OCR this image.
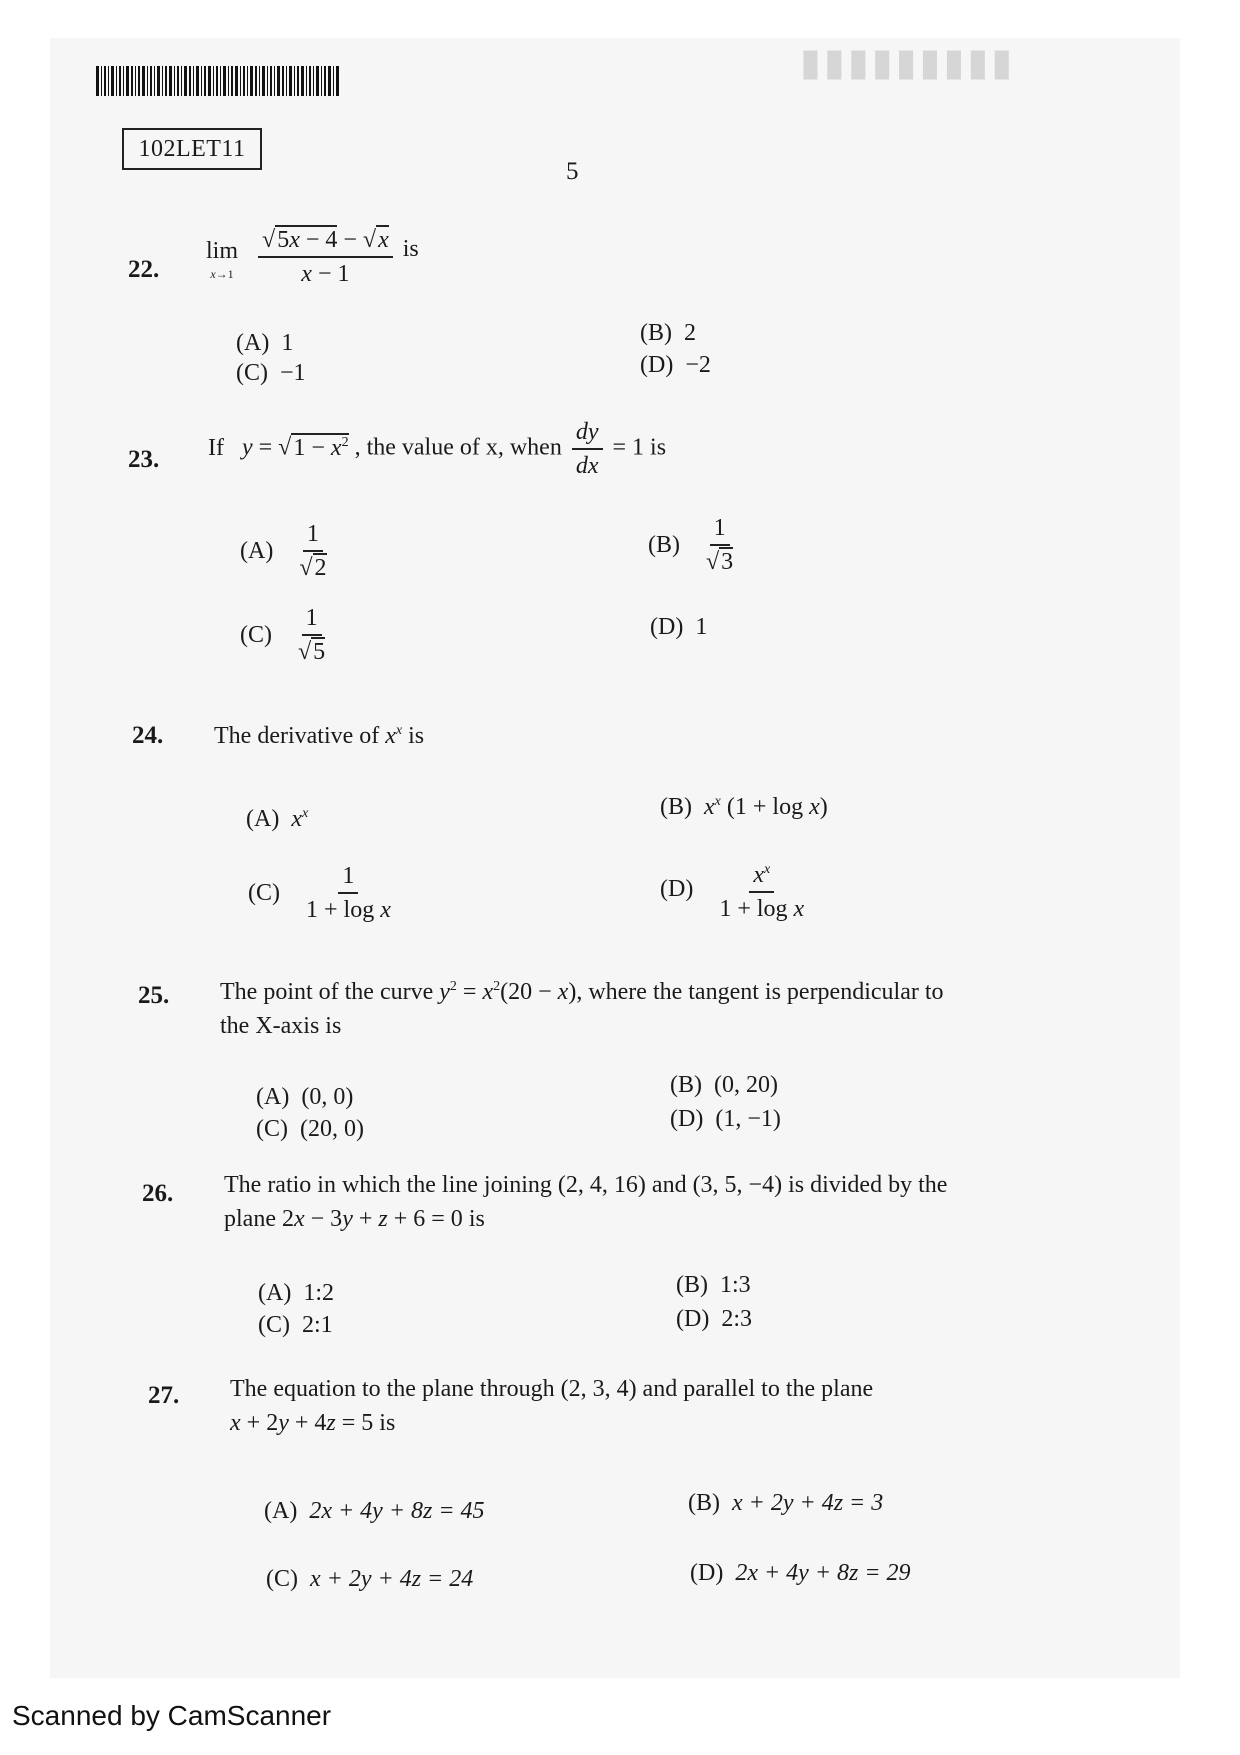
102LET11
5
▮▮▮▮▮▮▮▮▮
22.
lim
x→1
$\frac{√5x - 4 - √x}{x - 1}$ is
(A) 1	(B) 2
(C) −1	(D) −2
23. If $y = √1 - x^2$ , the value of x, when $\frac{dy}{dx} = 1$ is
$(A) \frac{1}{√2}$	$(B) \frac{1}{√3}$
$(C) \frac{1}{√5}$	(D) 1
24. The derivative of $x^x$ is
(A) $x^x$	(B) $x^x$ (1 + log x)
$(C) \frac{1}{\text{1 + log x}}$	$(D) \frac{x^x}{\text{1 + log x}}$
25. The point of the curve $y^2 = x^2(20 - x)$, where the tangent is perpendicular to
the X-axis is
(A) (0, 0)	(B) (0, 20)
(C) (20, 0)	(D) (1, −1)
26. The ratio in which the line joining (2, 4, 16) and (3, 5, −4) is divided by the
plane 2x − 3y + z + 6 = 0 is
(A) 1:2	(B) 1:3
(C) 2:1	(D) 2:3
27. The equation to the plane through (2, 3, 4) and parallel to the plane
x + 2y + 4z = 5 is
(A) 2x + 4y + 8z = 45	(B) x + 2y + 4z = 3
(C) x + 2y + 4z = 24	(D) 2x + 4y + 8z = 29
Scanned by CamScanner
